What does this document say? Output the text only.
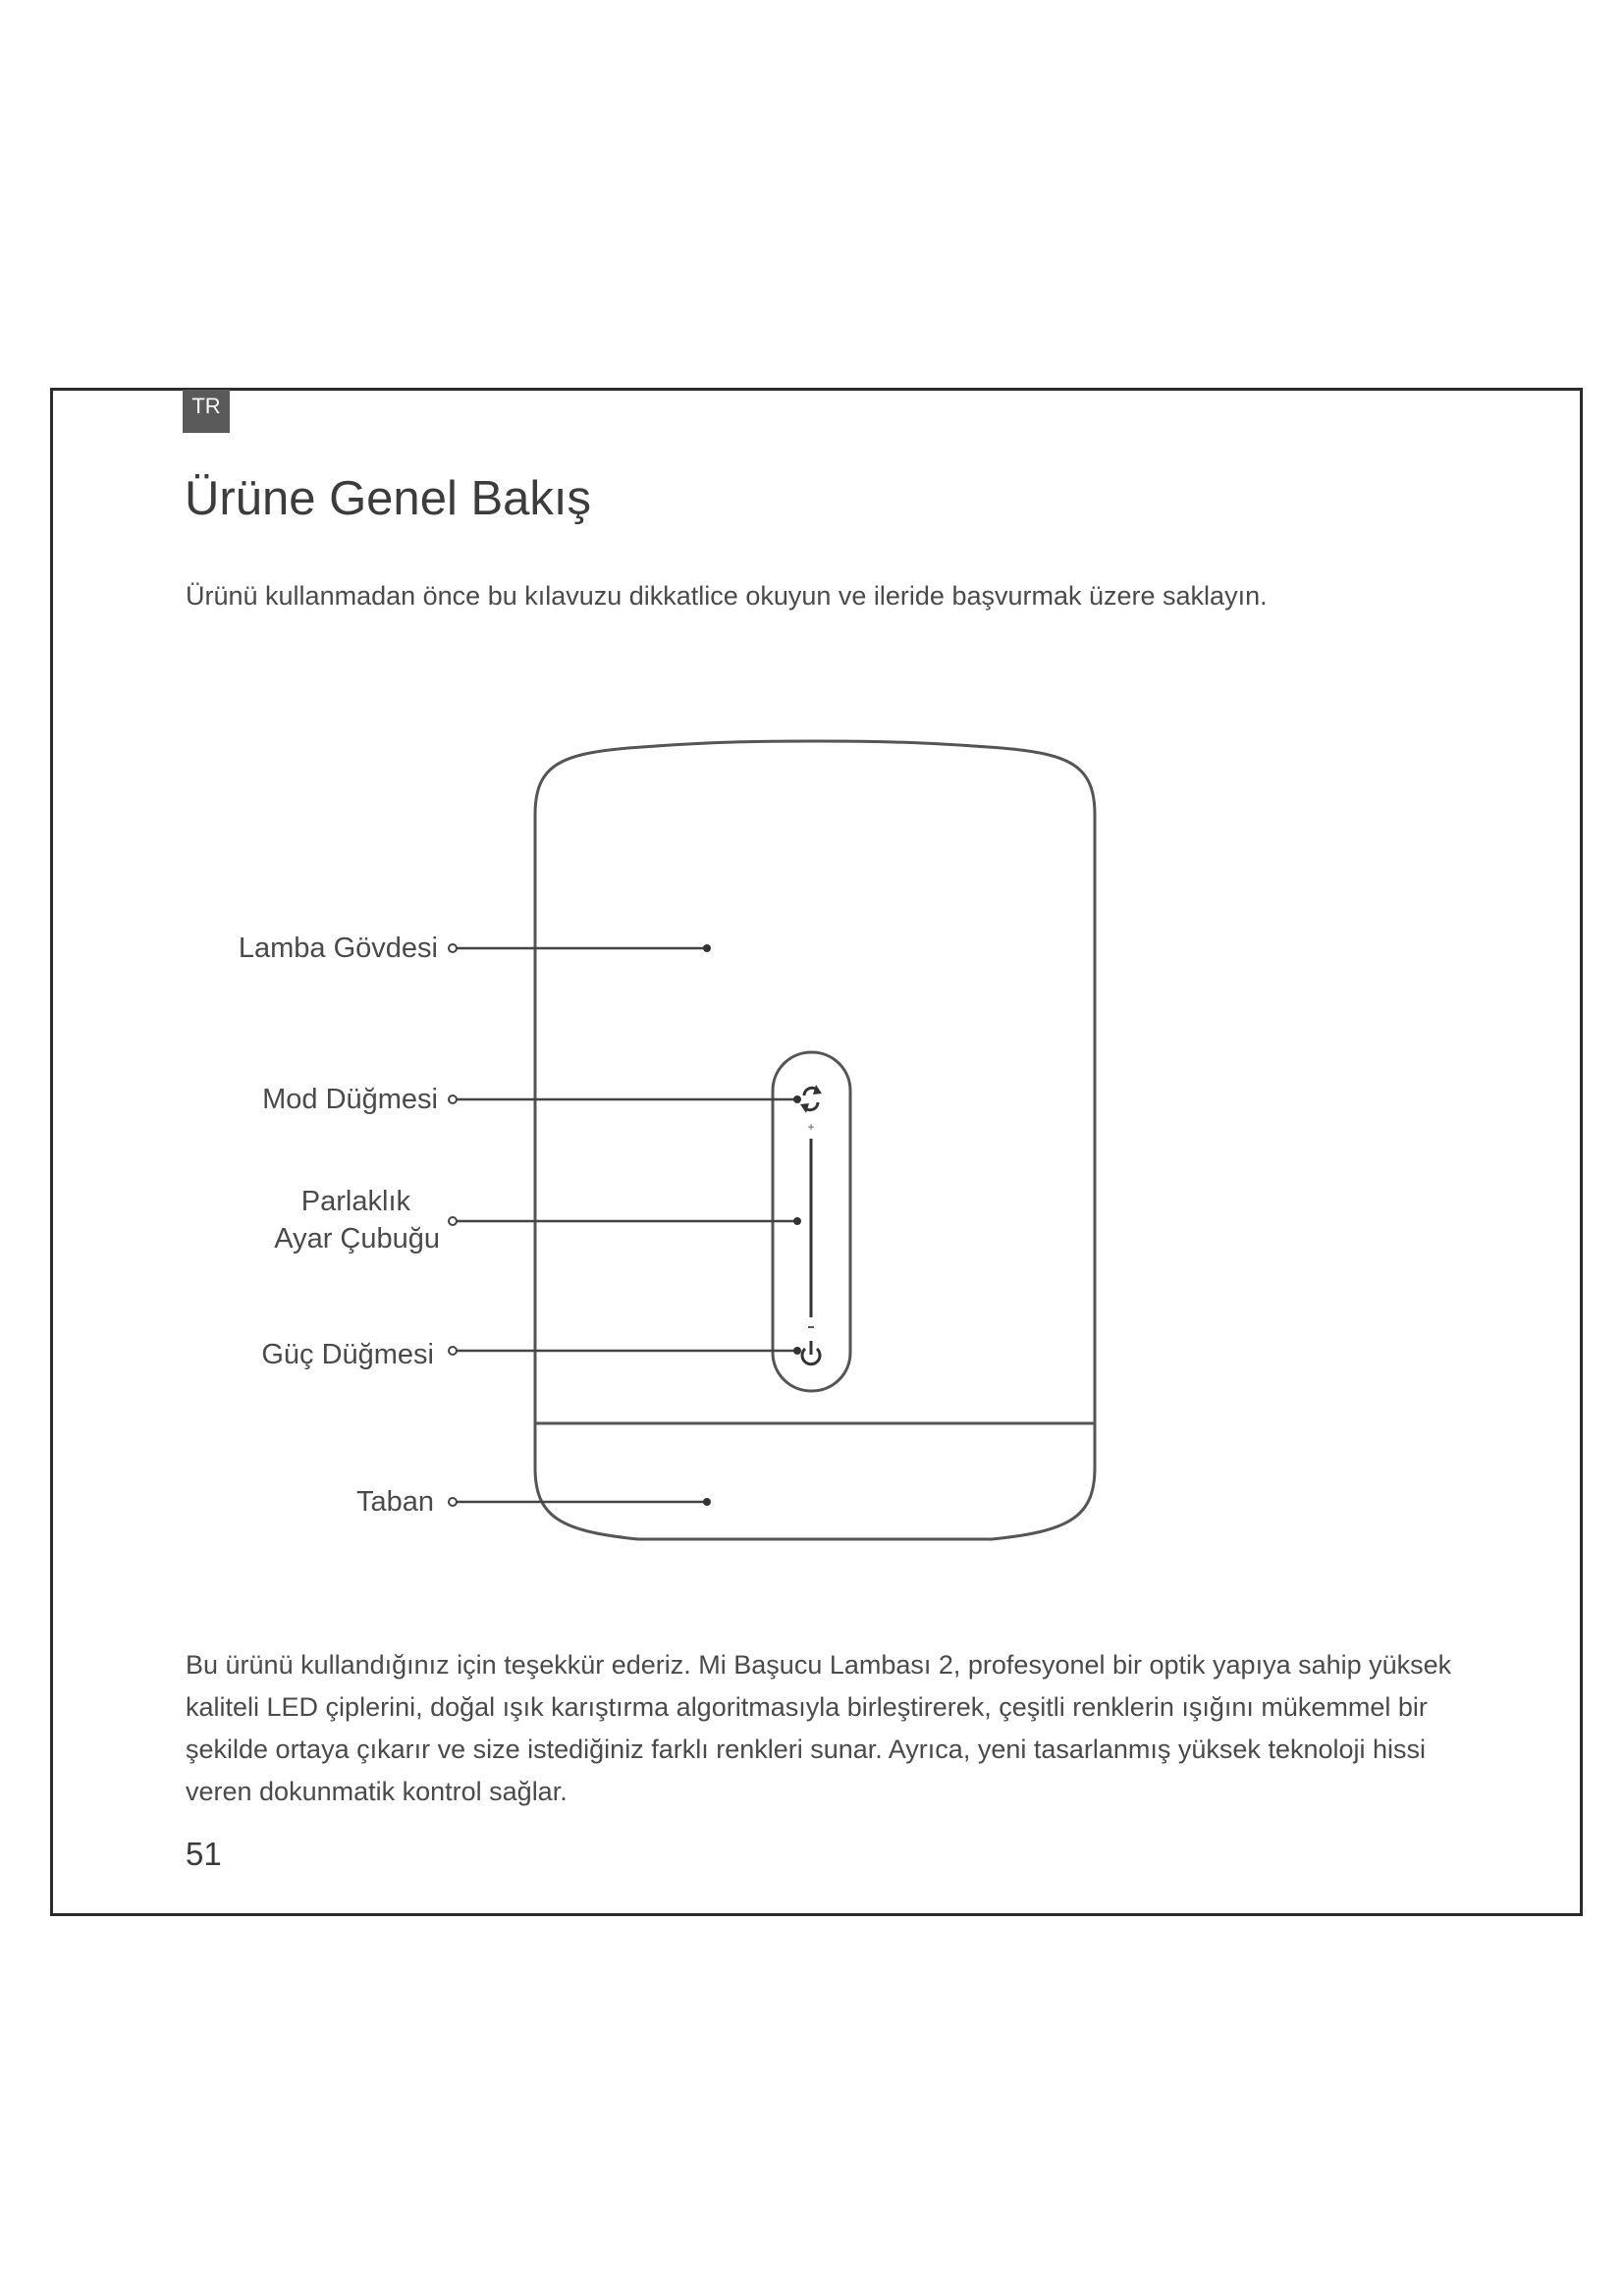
TR
Ürüne Genel Bakış
Ürünü kullanmadan önce bu kılavuzu dikkatlice okuyun ve ileride başvurmak üzere saklayın.
+
Lamba Gövdesi
Mod Düğmesi
Parlaklık
Ayar Çubuğu
Güç Düğmesi
Taban

Bu ürünü kullandığınız için teşekkür ederiz. Mi Başucu Lambası 2, profesyonel bir optik yapıya sahip yüksek kaliteli LED çiplerini, doğal ışık karıştırma algoritmasıyla birleştirerek, çeşitli renklerin ışığını mükemmel bir şekilde ortaya çıkarır ve size istediğiniz farklı renkleri sunar. Ayrıca, yeni tasarlanmış yüksek teknoloji hissi veren dokunmatik kontrol sağlar.

51
